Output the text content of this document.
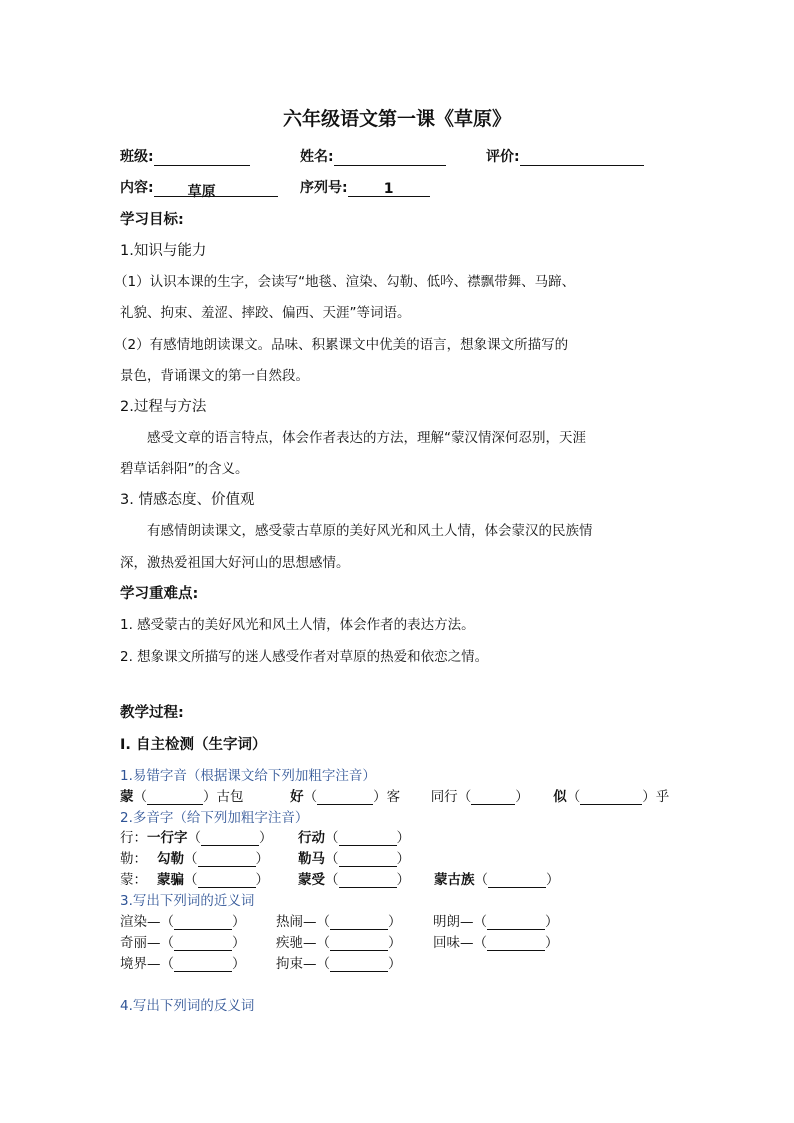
六年级语文第一课《草原》
班级:	姓名:	评价:
内容: 草原	序列号:	1
学习目标:
1.知识与能力
（1）认识本课的生字，会读写“地毯、渲染、勾勒、低吟、襟飘带舞、马蹄、
礼貌、拘束、羞涩、摔跤、偏西、天涯”等词语。
（2）有感情地朗读课文。品味、积累课文中优美的语言，想象课文所描写的
景色，背诵课文的第一自然段。
2.过程与方法
感受文章的语言特点，体会作者表达的方法，理解“蒙汉情深何忍别，天涯
碧草话斜阳”的含义。
3. 情感态度、价值观
有感情朗读课文，感受蒙古草原的美好风光和风土人情，体会蒙汉的民族情
深，激热爱祖国大好河山的思想感情。
学习重难点:
1. 感受蒙古的美好风光和风土人情，体会作者的表达方法。
2. 想象课文所描写的迷人感受作者对草原的热爱和依恋之情。
教学过程:
I. 自主检测（生字词）
1.易错字音（根据课文给下列加粗字注音）
蒙（	）古包	好（	）客 同行（	） 似（	）乎
2.多音字（给下列加粗字注音）
行：一行字（	） 行动（	）
勒： 勾勒（	） 勒马（	）
蒙： 蒙骗（	） 蒙受（	） 蒙古族（	）
3.写出下列词的近义词
渲染—（	） 热闹—（	） 明朗—（	）
奇丽—（	） 疾驰—（	） 回味—（	）
境界—（	） 拘束—（	）
4.写出下列词的反义词
